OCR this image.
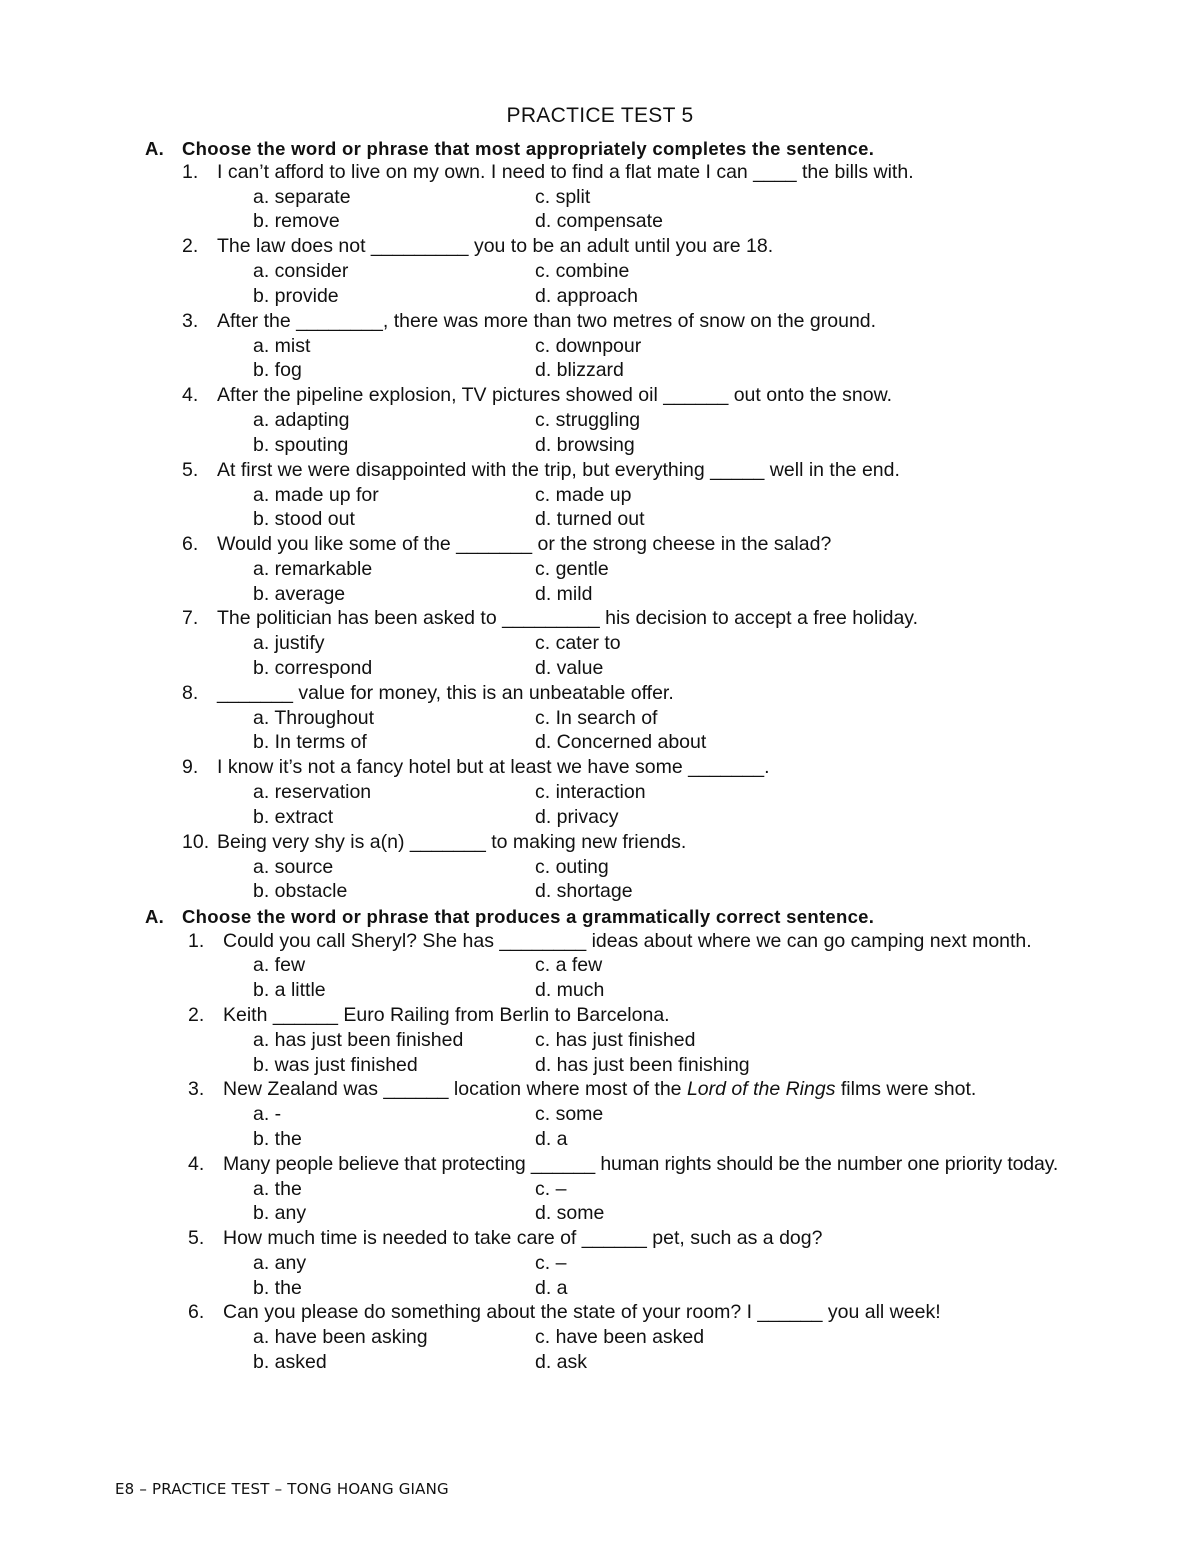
PRACTICE TEST 5
A. Choose the word or phrase that most appropriately completes the sentence.
1. I can’t afford to live on my own. I need to find a flat mate I can ____ the bills with.
a. separate	c. split
b. remove	d. compensate
2. The law does not _________ you to be an adult until you are 18.
a. consider	c. combine
b. provide	d. approach
3. After the ________, there was more than two metres of snow on the ground.
a. mist	c. downpour
b. fog	d. blizzard
4. After the pipeline explosion, TV pictures showed oil ______ out onto the snow.
a. adapting	c. struggling
b. spouting	d. browsing
5. At first we were disappointed with the trip, but everything _____ well in the end.
a. made up for	c. made up
b. stood out	d. turned out
6. Would you like some of the _______ or the strong cheese in the salad?
a. remarkable	c. gentle
b. average	d. mild
7. The politician has been asked to _________ his decision to accept a free holiday.
a. justify	c. cater to
b. correspond	d. value
8. _______ value for money, this is an unbeatable offer.
a. Throughout	c. In search of
b. In terms of	d. Concerned about
9. I know it’s not a fancy hotel but at least we have some _______.
a. reservation	c. interaction
b. extract	d. privacy
10. Being very shy is a(n) _______ to making new friends.
a. source	c. outing
b. obstacle	d. shortage
A. Choose the word or phrase that produces a grammatically correct sentence.
1. Could you call Sheryl? She has ________ ideas about where we can go camping next month.
a. few	c. a few
b. a little	d. much
2. Keith ______ Euro Railing from Berlin to Barcelona.
a. has just been finished	c. has just finished
b. was just finished	d. has just been finishing
3. New Zealand was ______ location where most of the Lord of the Rings films were shot.
a. -	c. some
b. the	d. a
4. Many people believe that protecting ______ human rights should be the number one priority today.
a. the	c. –
b. any	d. some
5. How much time is needed to take care of ______ pet, such as a dog?
a. any	c. –
b. the	d. a
6. Can you please do something about the state of your room? I ______ you all week!
a. have been asking	c. have been asked
b. asked	d. ask
E8 – PRACTICE TEST – TONG HOANG GIANG
